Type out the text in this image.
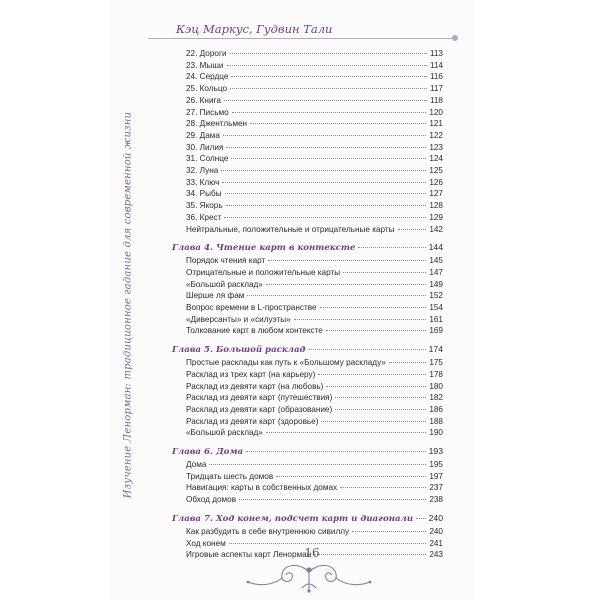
Изучение Ленорман: традиционное гадание для современной жизни
Кэц Маркус, Гудвин Тали
22. Дороги	113
23. Мыши	114
24. Сердце	116
25. Кольцо	117
26. Книга	118
27. Письмо	120
28. Джентльмен	121
29. Дама	122
30. Лилия	123
31. Солнце	124
32. Луна	125
33. Ключ	126
34. Рыбы	127
35. Якорь	128
36. Крест	129
Нейтральные, положительные и отрицательные карты	142
Глава 4. Чтение карт в контексте	144
Порядок чтения карт	145
Отрицательные и положительные карты	147
«Большой расклад»	149
Шерше ля фам	152
Вопрос времени в L-пространстве	154
«Диверсанты» и «силуэты»	161
Толкование карт в любом контексте	169
Глава 5. Большой расклад	174
Простые расклады как путь к «Большому раскладу»	175
Расклад из трех карт (на карьеру)	178
Расклад из девяти карт (на любовь)	180
Расклад из девяти карт (путешествия)	182
Расклад из девяти карт (образование)	186
Расклад из девяти карт (здоровье)	188
«Большой расклад»	190
Глава 6. Дома	193
Дома	195
Тридцать шесть домов	197
Навигация: карты в собственных домах	237
Обход домов	238
Глава 7. Ход конем, подсчет карт и диагонали 240
Как разбудить в себе внутреннюю сивиллу	240
Ход конем	241
Игровые аспекты карт Ленорман	243
16
